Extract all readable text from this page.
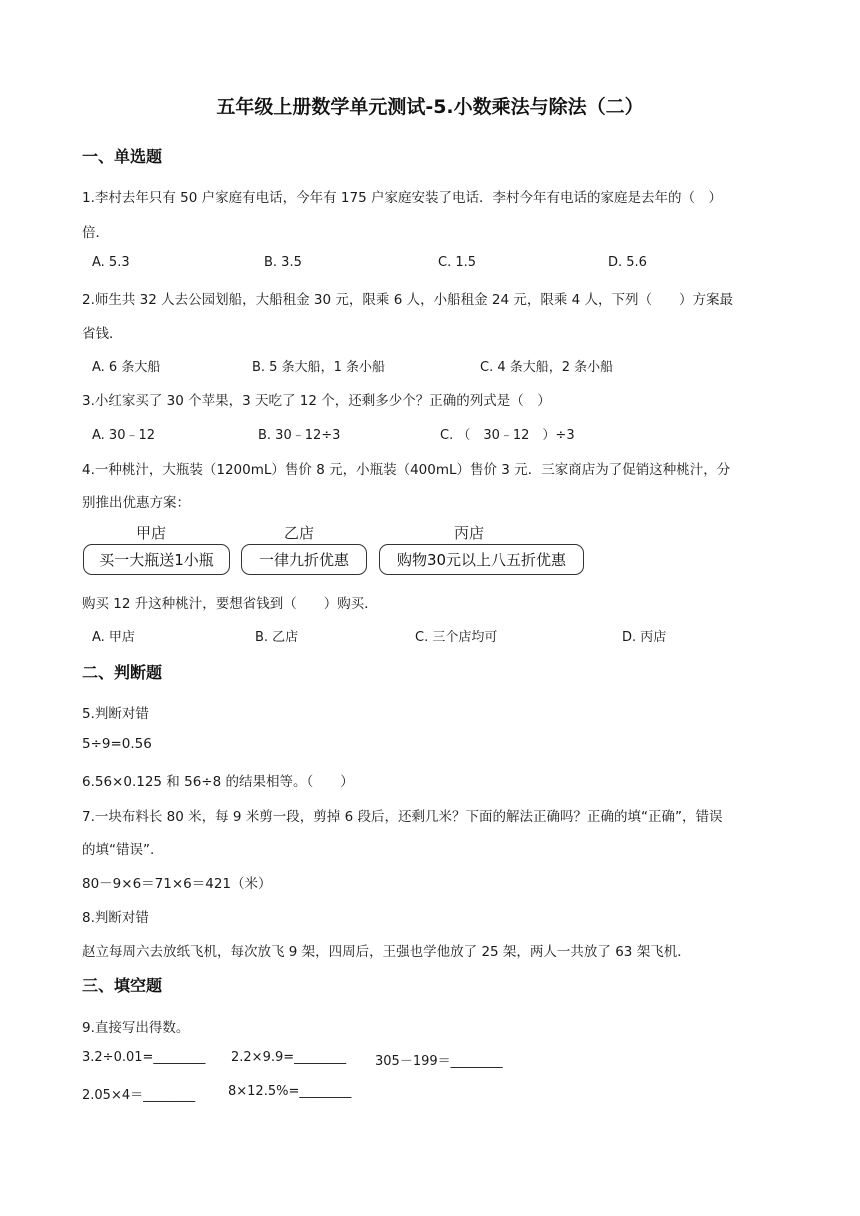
五年级上册数学单元测试-5.小数乘法与除法（二）
一、单选题
1.李村去年只有 50 户家庭有电话，今年有 175 户家庭安装了电话．李村今年有电话的家庭是去年的（　）
倍．
A. 5.3	B. 3.5	C. 1.5	D. 5.6
2.师生共 32 人去公园划船，大船租金 30 元，限乘 6 人，小船租金 24 元，限乘 4 人，下列（　　）方案最
省钱．
A. 6 条大船	B. 5 条大船，1 条小船	C. 4 条大船，2 条小船
3.小红家买了 30 个苹果，3 天吃了 12 个，还剩多少个？正确的列式是（　）
A. 30﹣12	B. 30﹣12÷3	C. （　30﹣12　）÷3
4.一种桃汁，大瓶装（1200mL）售价 8 元，小瓶装（400mL）售价 3 元．三家商店为了促销这种桃汁，分
别推出优惠方案：
甲店	乙店	丙店
买一大瓶送1小瓶	一律九折优惠	购物30元以上八五折优惠
购买 12 升这种桃汁，要想省钱到（　　）购买．
A. 甲店	B. 乙店	C. 三个店均可	D. 丙店
二、判断题
5.判断对错
5÷9=0.56
6.56×0.125 和 56÷8 的结果相等。（　　）
7.一块布料长 80 米，每 9 米剪一段，剪掉 6 段后，还剩几米？下面的解法正确吗？正确的填“正确”，错误
的填“错误”.
80－9×6＝71×6＝421（米）
8.判断对错
赵立每周六去放纸飞机，每次放飞 9 架，四周后，王强也学他放了 25 架，两人一共放了 63 架飞机．
三、填空题
9.直接写出得数。
3.2÷0.01=________ 2.2×9.9=________ 305－199＝________
2.05×4＝________	8×12.5%=________
